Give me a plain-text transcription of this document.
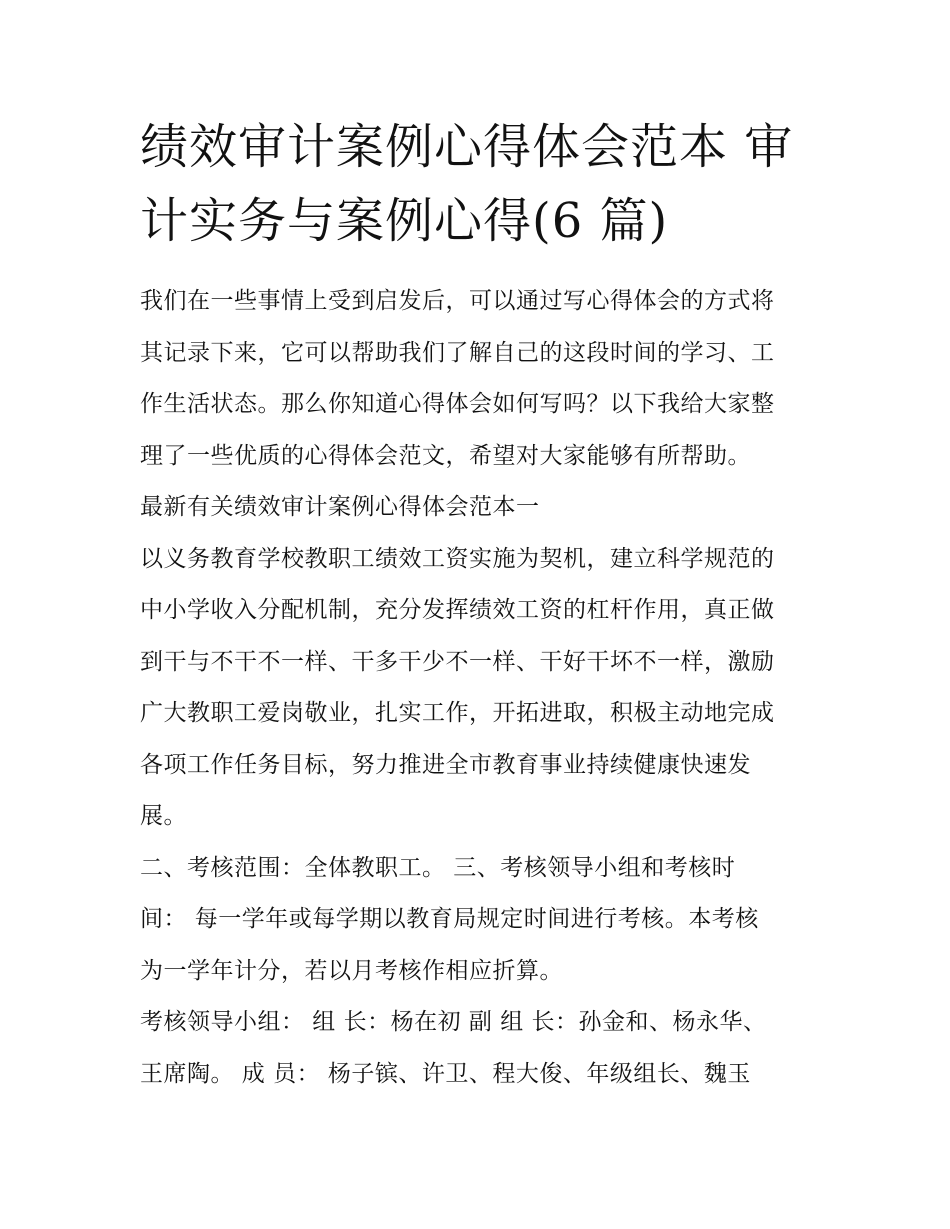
绩效审计案例心得体会范本 审
计实务与案例心得(6 篇)
我们在一些事情上受到启发后，可以通过写心得体会的方式将
其记录下来，它可以帮助我们了解自己的这段时间的学习、工
作生活状态。那么你知道心得体会如何写吗？以下我给大家整
理了一些优质的心得体会范文，希望对大家能够有所帮助。
最新有关绩效审计案例心得体会范本一
以义务教育学校教职工绩效工资实施为契机，建立科学规范的
中小学收入分配机制，充分发挥绩效工资的杠杆作用，真正做
到干与不干不一样、干多干少不一样、干好干坏不一样，激励
广大教职工爱岗敬业，扎实工作，开拓进取，积极主动地完成
各项工作任务目标，努力推进全市教育事业持续健康快速发
展。
二、考核范围：全体教职工。 三、考核领导小组和考核时
间： 每一学年或每学期以教育局规定时间进行考核。本考核
为一学年计分，若以月考核作相应折算。
考核领导小组： 组 长：杨在初 副 组 长：孙金和、杨永华、
王席陶。 成 员： 杨子镔、许卫、程大俊、年级组长、魏玉
